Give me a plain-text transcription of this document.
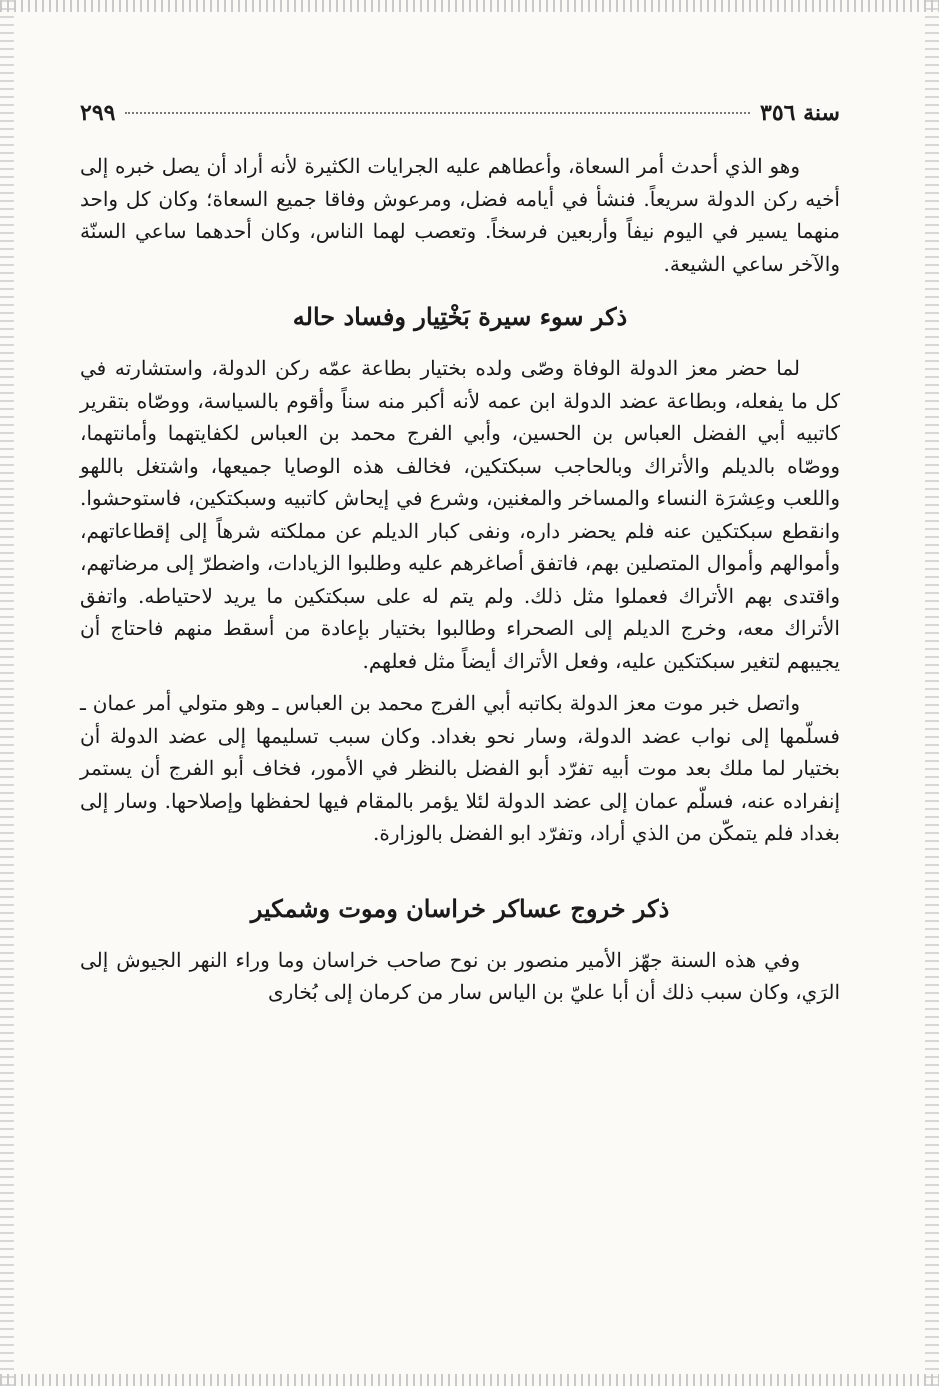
سنة ٣٥٦
٢٩٩

وهو الذي أحدث أمر السعاة، وأعطاهم عليه الجرايات الكثيرة لأنه أراد أن يصل خبره إلى أخيه ركن الدولة سريعاً. فنشأ في أيامه فضل، ومرعوش وفاقا جميع السعاة؛ وكان كل واحد منهما يسير في اليوم نيفاً وأربعين فرسخاً. وتعصب لهما الناس، وكان أحدهما ساعي السنّة والآخر ساعي الشيعة.

ذكر سوء سيرة بَخْتِيار وفساد حاله

لما حضر معز الدولة الوفاة وصّى ولده بختيار بطاعة عمّه ركن الدولة، واستشارته في كل ما يفعله، وبطاعة عضد الدولة ابن عمه لأنه أكبر منه سناً وأقوم بالسياسة، ووصّاه بتقرير كاتبيه أبي الفضل العباس بن الحسين، وأبي الفرج محمد بن العباس لكفايتهما وأمانتهما، ووصّاه بالديلم والأتراك وبالحاجب سبكتكين، فخالف هذه الوصايا جميعها، واشتغل باللهو واللعب وعِشرَة النساء والمساخر والمغنين، وشرع في إيحاش كاتبيه وسبكتكين، فاستوحشوا. وانقطع سبكتكين عنه فلم يحضر داره، ونفى كبار الديلم عن مملكته شرهاً إلى إقطاعاتهم، وأموالهم وأموال المتصلين بهم، فاتفق أصاغرهم عليه وطلبوا الزيادات، واضطرّ إلى مرضاتهم، واقتدى بهم الأتراك فعملوا مثل ذلك. ولم يتم له على سبكتكين ما يريد لاحتياطه. واتفق الأتراك معه، وخرج الديلم إلى الصحراء وطالبوا بختيار بإعادة من أسقط منهم فاحتاج أن يجيبهم لتغير سبكتكين عليه، وفعل الأتراك أيضاً مثل فعلهم.

واتصل خبر موت معز الدولة بكاتبه أبي الفرج محمد بن العباس ـ وهو متولي أمر عمان ـ فسلّمها إلى نواب عضد الدولة، وسار نحو بغداد. وكان سبب تسليمها إلى عضد الدولة أن بختيار لما ملك بعد موت أبيه تفرّد أبو الفضل بالنظر في الأمور، فخاف أبو الفرج أن يستمر إنفراده عنه، فسلّم عمان إلى عضد الدولة لئلا يؤمر بالمقام فيها لحفظها وإصلاحها. وسار إلى بغداد فلم يتمكّن من الذي أراد، وتفرّد ابو الفضل بالوزارة.

ذكر خروج عساكر خراسان وموت وشمكير

وفي هذه السنة جهّز الأمير منصور بن نوح صاحب خراسان وما وراء النهر الجيوش إلى الرَي، وكان سبب ذلك أن أبا عليّ بن الياس سار من كرمان إلى بُخارى
